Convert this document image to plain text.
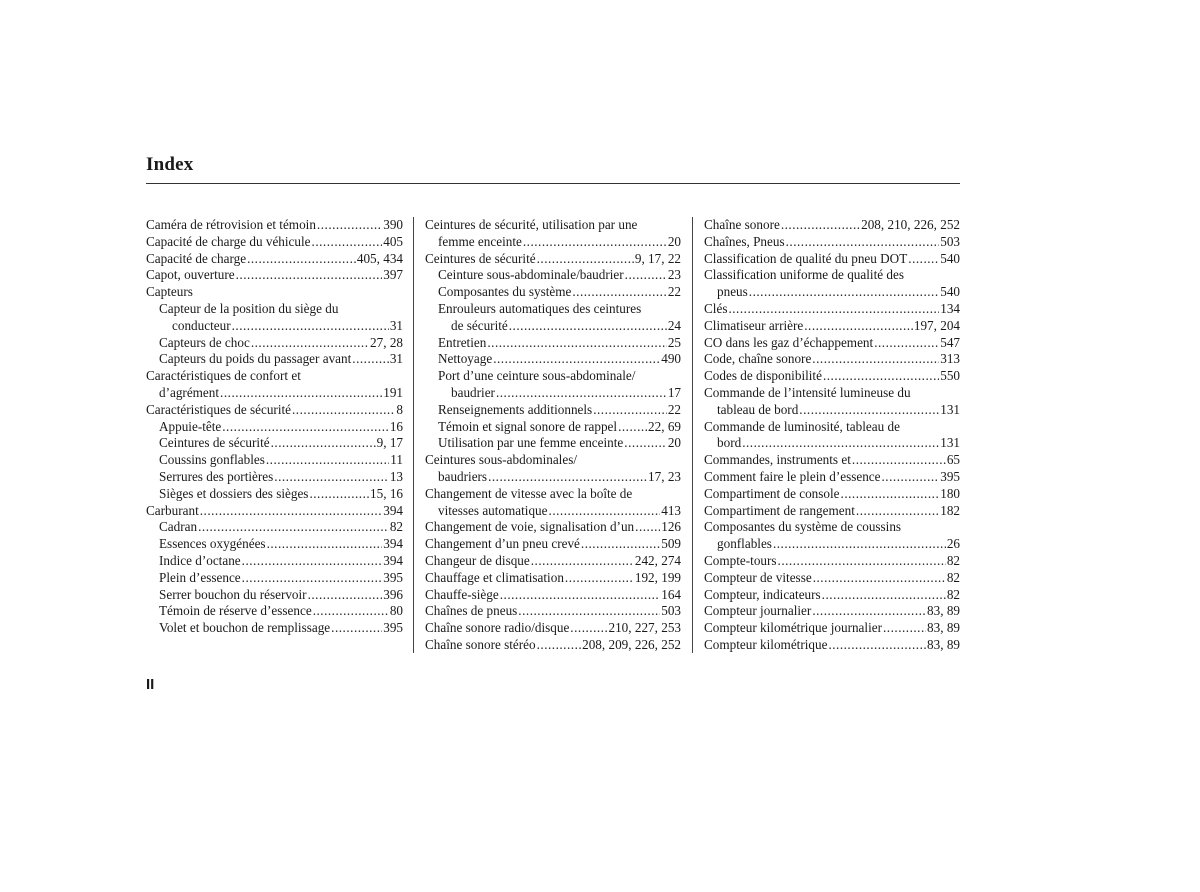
Index
Caméra de rétrovision et témoin .....	390
Capacité de charge du véhicule .....	405
Capacité de charge .....	405, 434
Capot, ouverture .....	397
Capteurs
Capteur de la position du siège du
conducteur .....	31
Capteurs de choc .....	27, 28
Capteurs du poids du passager avant .....	31
Caractéristiques de confort et
d’agrément .....	191
Caractéristiques de sécurité .....	8
Appuie-tête .....	16
Ceintures de sécurité .....	9, 17
Coussins gonflables .....	11
Serrures des portières .....	13
Sièges et dossiers des sièges .....	15, 16
Carburant .....	394
Cadran .....	82
Essences oxygénées .....	394
Indice d’octane .....	394
Plein d’essence .....	395
Serrer bouchon du réservoir .....	396
Témoin de réserve d’essence .....	80
Volet et bouchon de remplissage .....	395
Ceintures de sécurité, utilisation par une
femme enceinte .....	20
Ceintures de sécurité .....	9, 17, 22
Ceinture sous-abdominale/baudrier .....	23
Composantes du système .....	22
Enrouleurs automatiques des ceintures
de sécurité .....	24
Entretien .....	25
Nettoyage .....	490
Port d’une ceinture sous-abdominale/
baudrier .....	17
Renseignements additionnels .....	22
Témoin et signal sonore de rappel ..... 22, 69
Utilisation par une femme enceinte .....	20
Ceintures sous-abdominales/
baudriers .....	17, 23
Changement de vitesse avec la boîte de
vitesses automatique .....	413
Changement de voie, signalisation d’un ..... 126
Changement d’un pneu crevé .....	509
Changeur de disque .....	242, 274
Chauffage et climatisation .....	192, 199
Chauffe-siège .....	164
Chaînes de pneus .....	503
Chaîne sonore radio/disque .....	210, 227, 253
Chaîne sonore stéréo .....	208, 209, 226, 252
Chaîne sonore .....	208, 210, 226, 252
Chaînes, Pneus .....	503
Classification de qualité du pneu DOT ..... 540
Classification uniforme de qualité des
pneus .....	540
Clés .....	134
Climatiseur arrière .....	197, 204
CO dans les gaz d’échappement .....	547
Code, chaîne sonore .....	313
Codes de disponibilité .....	550
Commande de l’intensité lumineuse du
tableau de bord .....	131
Commande de luminosité, tableau de
bord .....	131
Commandes, instruments et .....	65
Comment faire le plein d’essence .....	395
Compartiment de console .....	180
Compartiment de rangement .....	182
Composantes du système de coussins
gonflables .....	26
Compte-tours .....	82
Compteur de vitesse .....	82
Compteur, indicateurs .....	82
Compteur journalier .....	83, 89
Compteur kilométrique journalier .....	83, 89
Compteur kilométrique .....	83, 89
II
